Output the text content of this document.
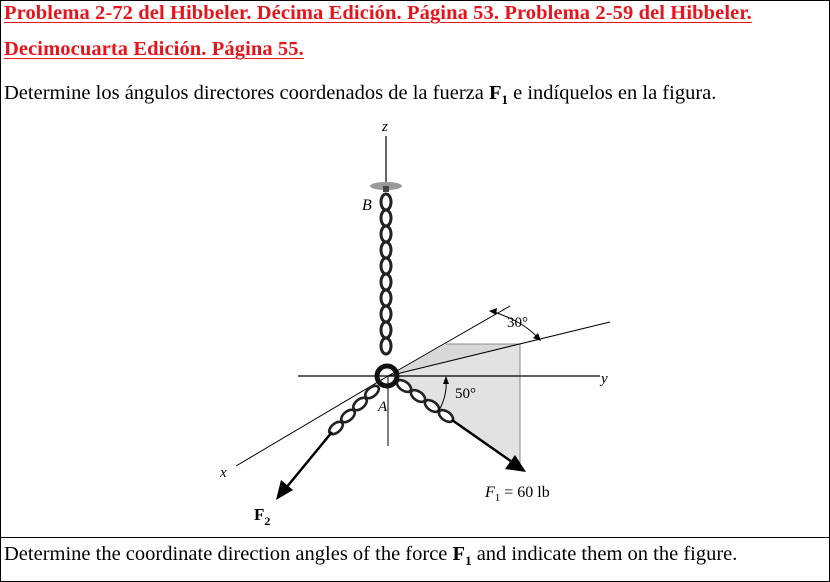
Problema 2-72 del Hibbeler. Décima Edición. Página 53. Problema 2-59 del Hibbeler.
Decimocuarta Edición. Página 55.
Determine los ángulos directores coordenados de la fuerza $F_1$ e indíquelos en la figura.
z
y
x
B
A
30°
50°
$F_1 = 60$ lb
$F_2$
Determine the coordinate direction angles of the force $F_1$ and indicate them on the figure.
